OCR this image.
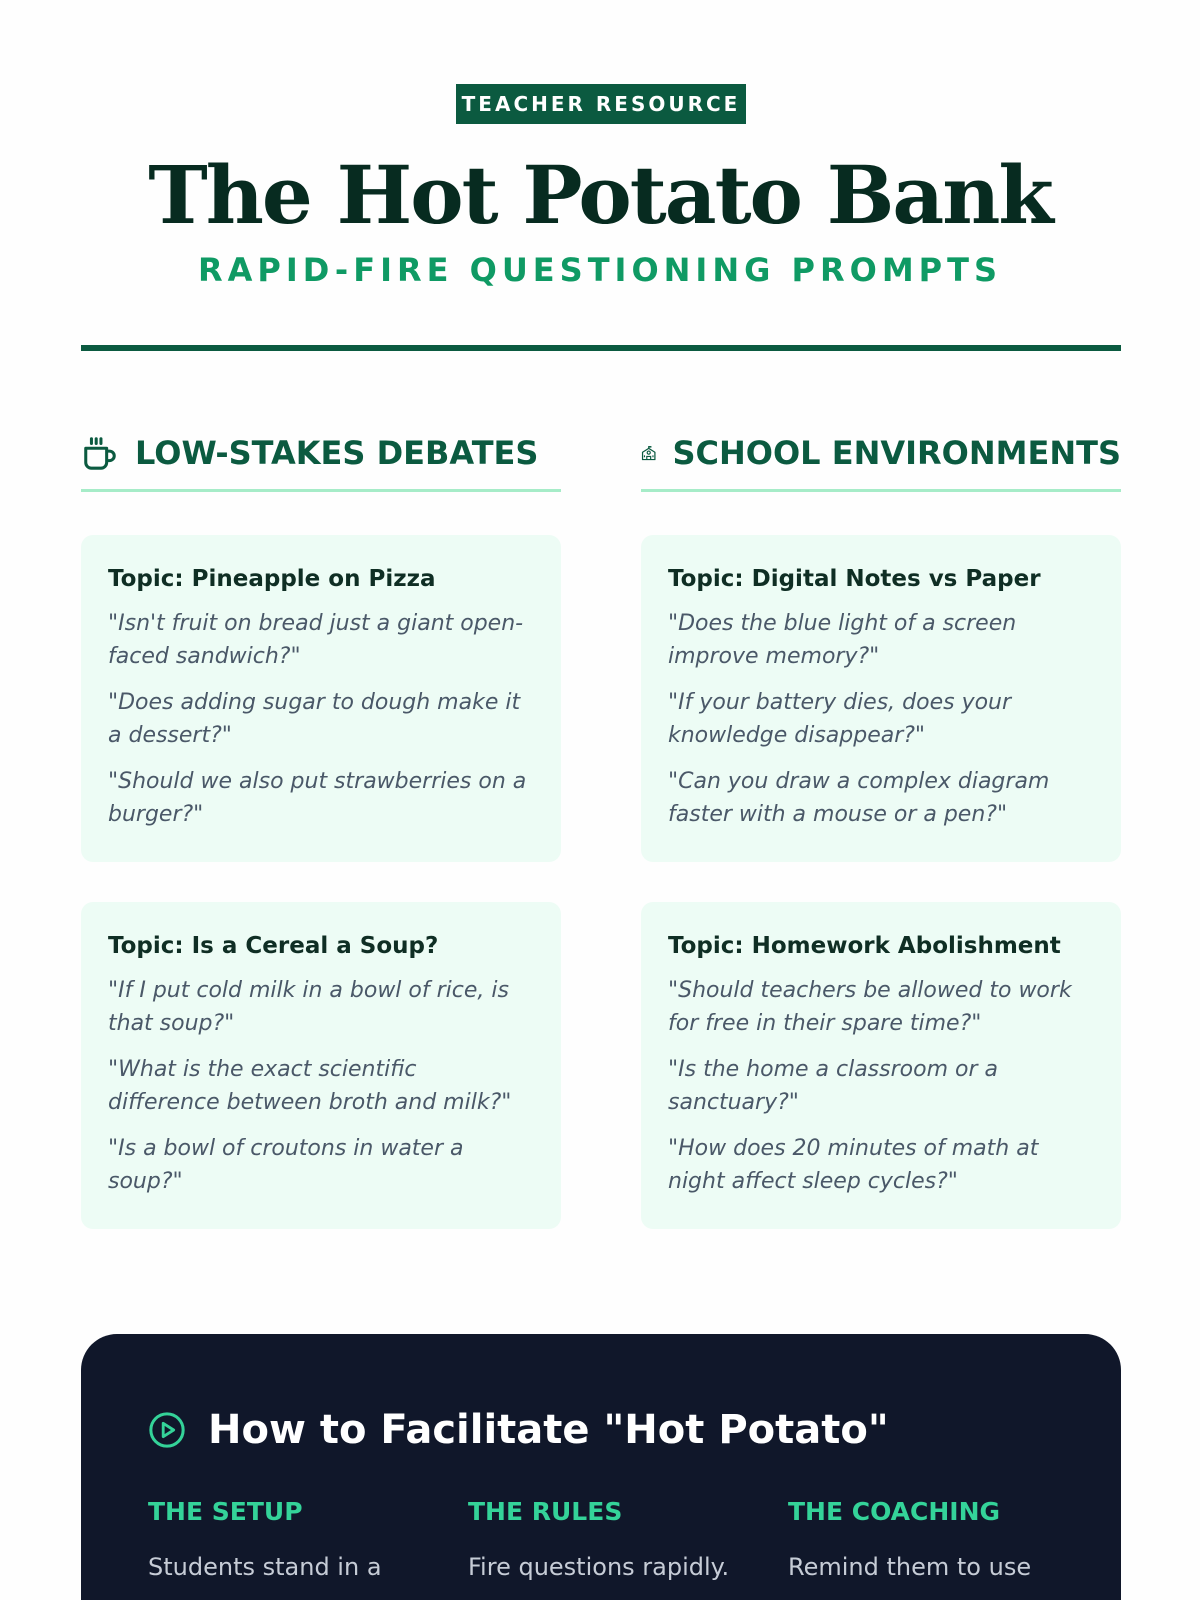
TEACHER RESOURCE
The Hot Potato Bank
RAPID-FIRE QUESTIONING PROMPTS
LOW-STAKES DEBATES	SCHOOL ENVIRONMENTS
Topic: Pineapple on Pizza
"Isn't fruit on bread just a giant open-faced sandwich?"
"Does adding sugar to dough make it a dessert?"
"Should we also put strawberries on a burger?"
Topic: Digital Notes vs Paper
"Does the blue light of a screen improve memory?"
"If your battery dies, does your knowledge disappear?"
"Can you draw a complex diagram faster with a mouse or a pen?"
Topic: Is a Cereal a Soup?
"If I put cold milk in a bowl of rice, is that soup?"
"What is the exact scientific difference between broth and milk?"
"Is a bowl of croutons in water a soup?"
Topic: Homework Abolishment
"Should teachers be allowed to work for free in their spare time?"
"Is the home a classroom or a sanctuary?"
"How does 20 minutes of math at night affect sleep cycles?"
How to Facilitate "Hot Potato"
THE SETUP
Students stand in a
THE RULES
Fire questions rapidly.
THE COACHING
Remind them to use
